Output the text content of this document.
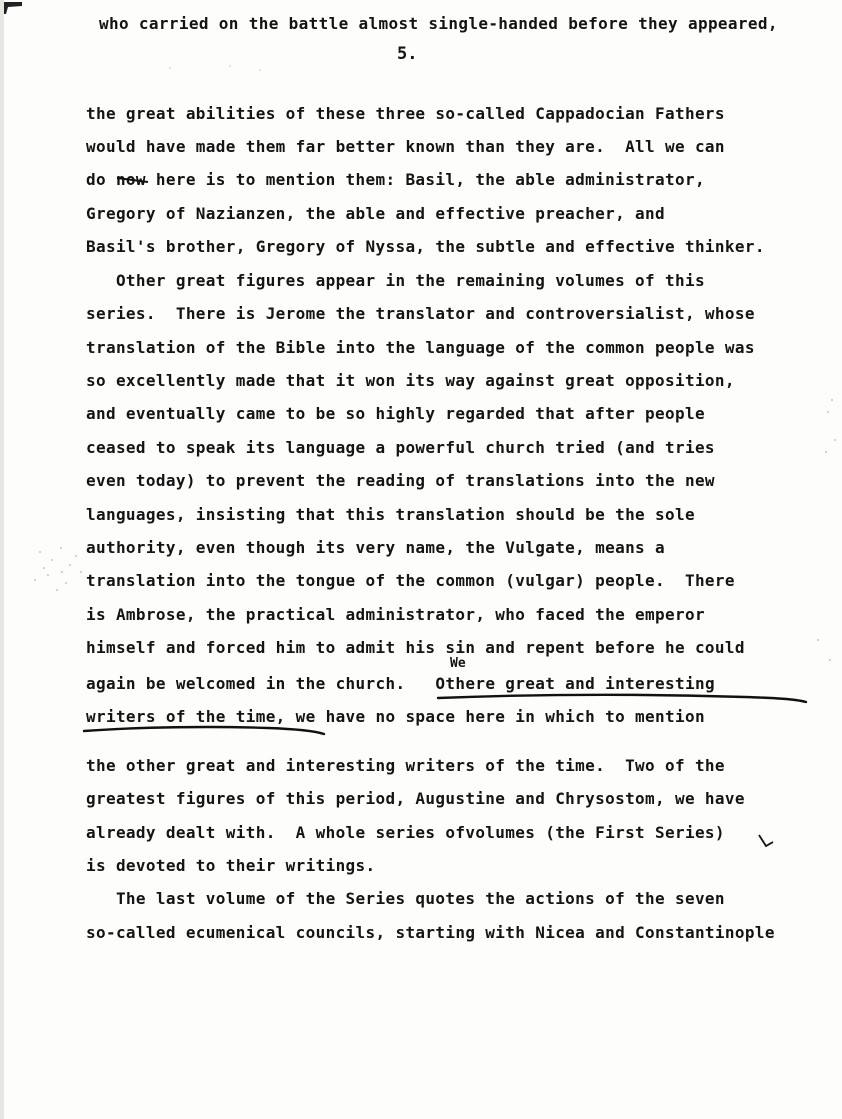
who carried on the battle almost single-handed before they appeared,
5.
the great abilities of these three so-called Cappadocian Fathers
would have made them far better known than they are.  All we can
do now here is to mention them: Basil, the able administrator,
Gregory of Nazianzen, the able and effective preacher, and
Basil's brother, Gregory of Nyssa, the subtle and effective thinker.
Other great figures appear in the remaining volumes of this
series.  There is Jerome the translator and controversialist, whose
translation of the Bible into the language of the common people was
so excellently made that it won its way against great opposition,
and eventually came to be so highly regarded that after people
ceased to speak its language a powerful church tried (and tries
even today) to prevent the reading of translations into the new
languages, insisting that this translation should be the sole
authority, even though its very name, the Vulgate, means a
translation into the tongue of the common (vulgar) people.  There
is Ambrose, the practical administrator, who faced the emperor
himself and forced him to admit his sin and repent before he could
We
again be welcomed in the church.   Othere great and interesting
writers of the time, we have no space here in which to mention
the other great and interesting writers of the time.  Two of the
greatest figures of this period, Augustine and Chrysostom, we have
already dealt with.  A whole series ofvolumes (the First Series)
is devoted to their writings.
The last volume of the Series quotes the actions of the seven
so-called ecumenical councils, starting with Nicea and Constantinople
